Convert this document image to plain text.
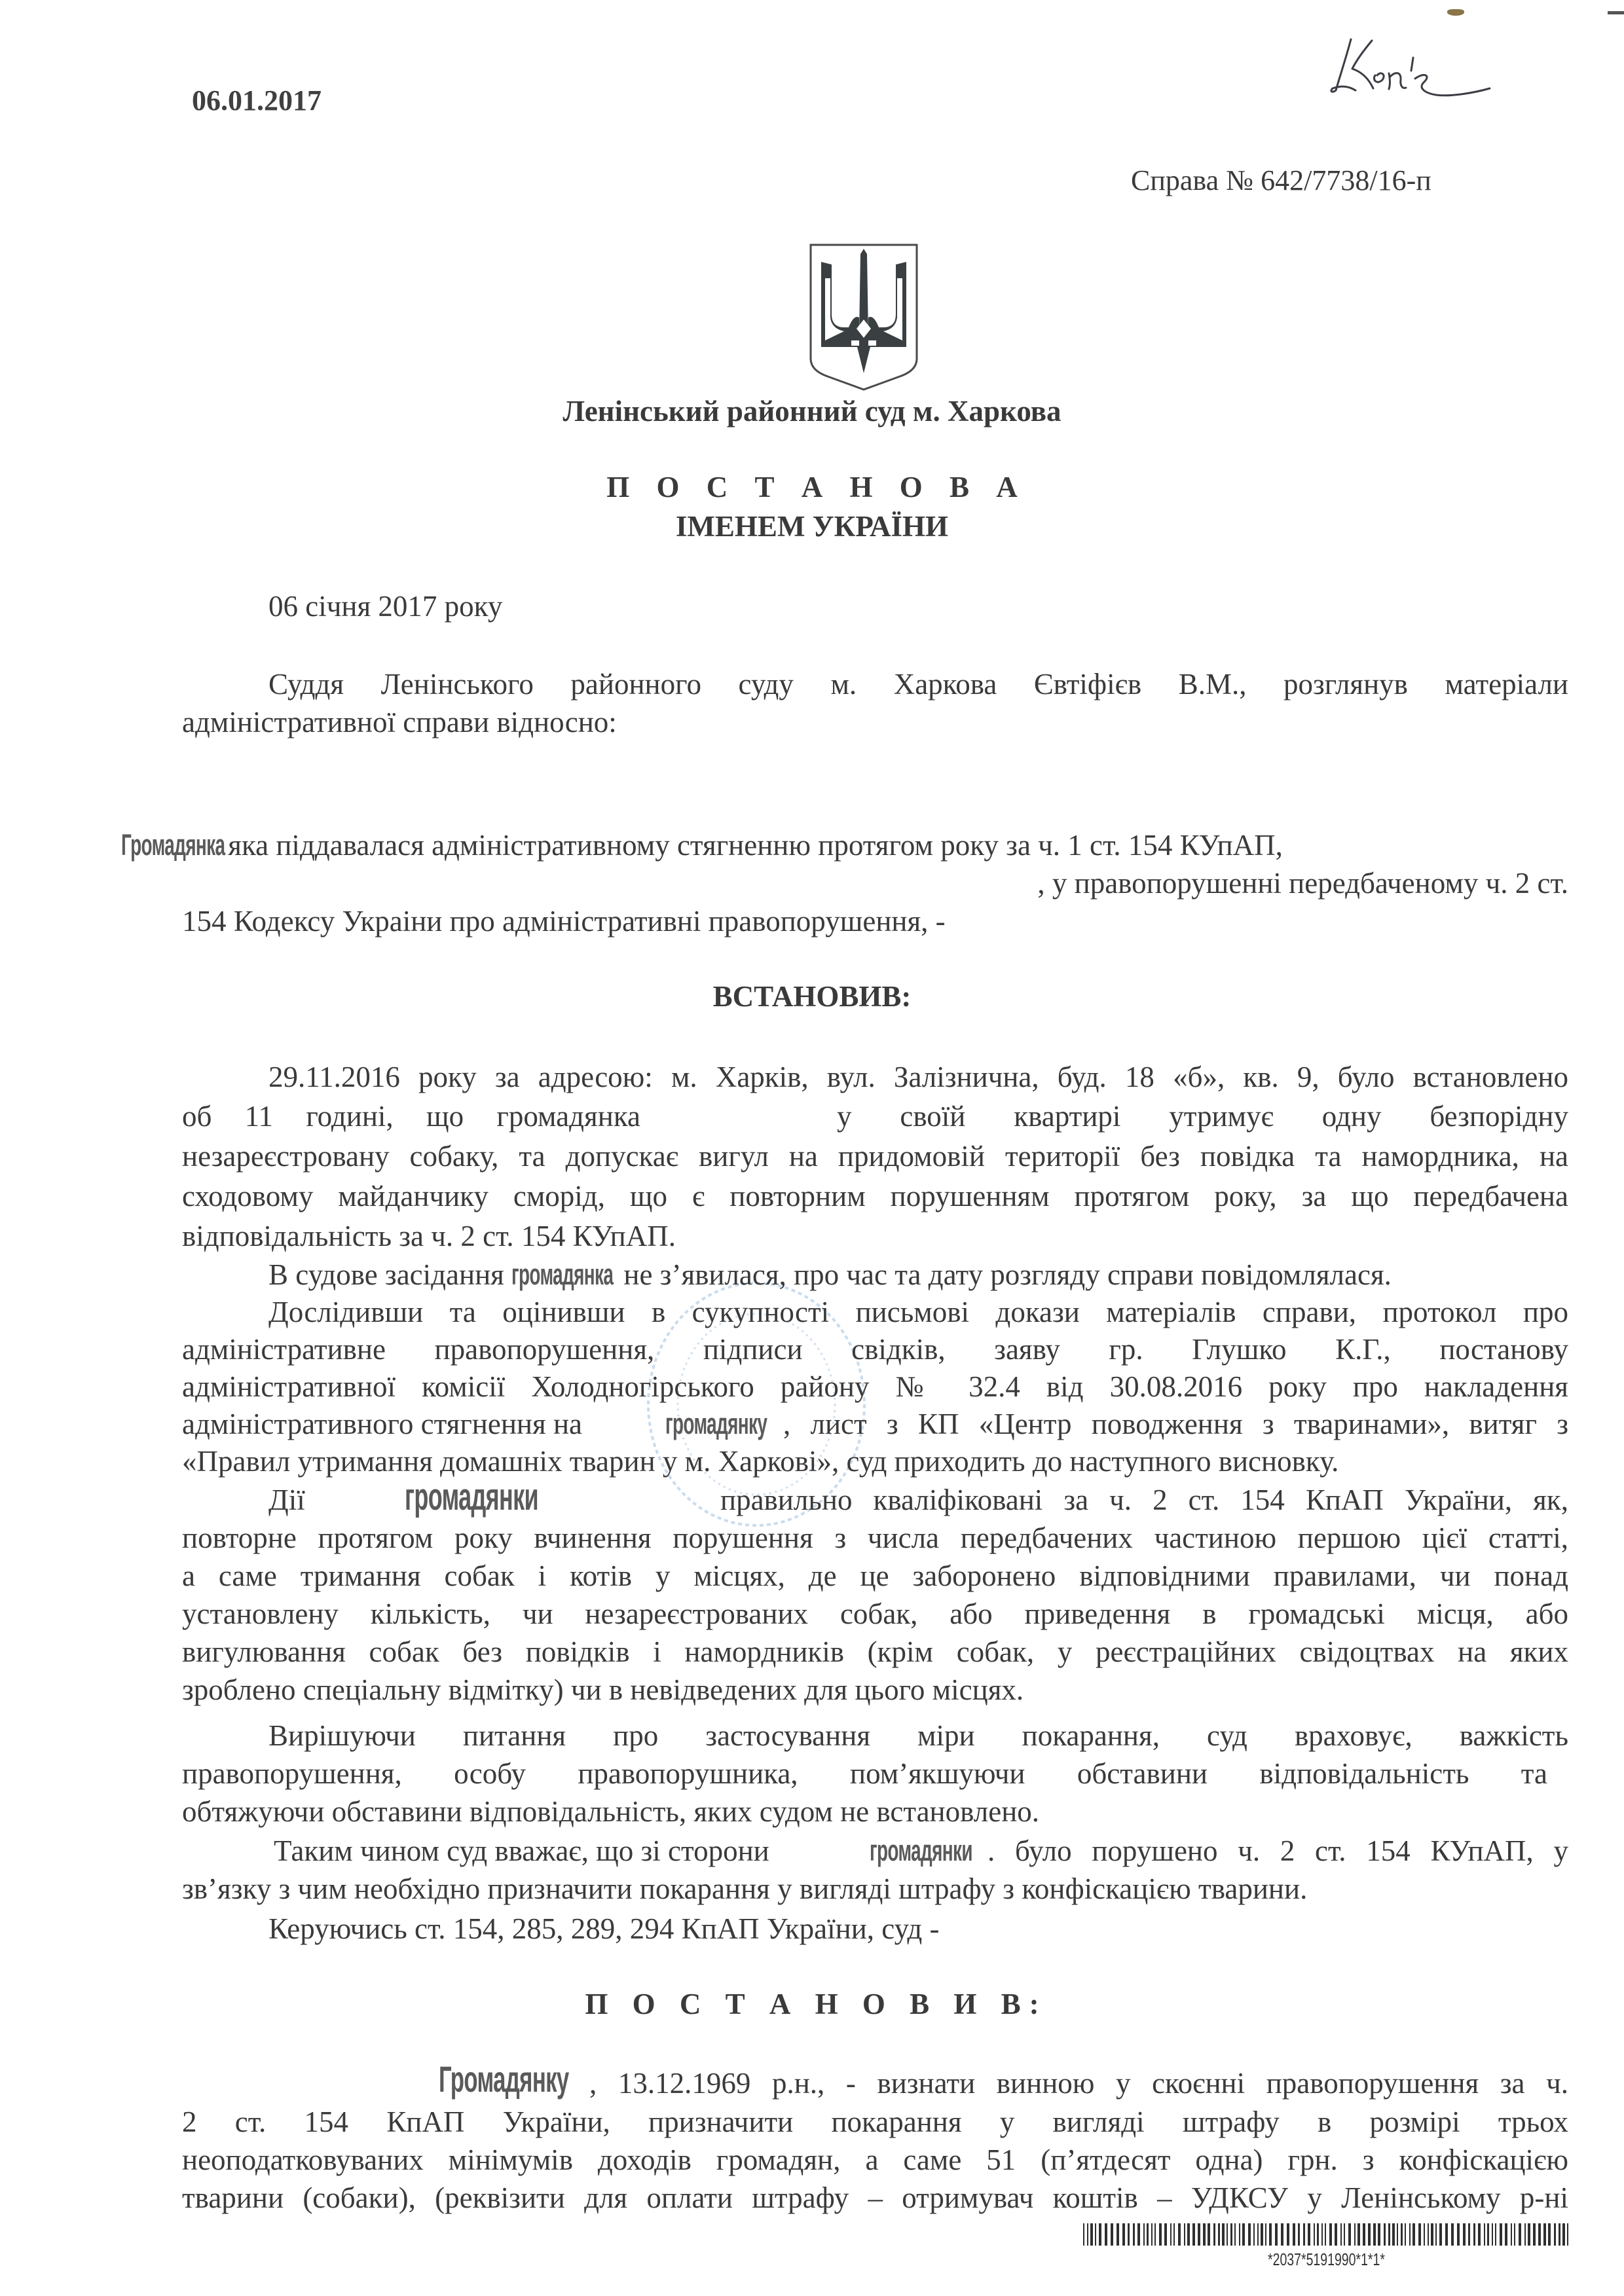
06.01.2017
Справа № 642/7738/16-п
Ленінський районний суд м. Харкова
П О С Т А Н О В А
ІМЕНЕМ УКРАЇНИ
06 січня 2017 року
Суддя Ленінського районного суду м. Харкова Євтіфієв В.М., розглянув матеріали
адміністративної справи відносно:
Громадянка яка піддавалася адміністративному стягненню протягом року за ч. 1 ст. 154 КУпАП,
, у правопорушенні передбаченому ч. 2 ст.
154 Кодексу Украіни про адміністративні правопорушення, -
ВСТАНОВИВ:
29.11.2016 року за адресою: м. Харків, вул. Залізнична, буд. 18 «б», кв. 9, було встановлено
об 11 годині, що громадянка	у своїй квартирі утримує одну безпорідну
незареєстровану собаку, та допускає вигул на придомовій території без повідка та намордника, на
сходовому майданчику сморід, що є повторним порушенням протягом року, за що передбачена
відповідальність за ч. 2 ст. 154 КУпАП.
В судове засідання громадянка не з’явилася, про час та дату розгляду справи повідомлялася.
Дослідивши та оцінивши в сукупності письмові докази матеріалів справи, протокол про
адміністративне правопорушення, підписи свідків, заяву гр. Глушко К.Г., постанову
адміністративної комісії Холодногірського району № 32.4 від 30.08.2016 року про накладення
адміністративного стягнення на	громадянку , лист з КП «Центр поводження з тваринами», витяг з
«Правил утримання домашніх тварин у м. Харкові», суд приходить до наступного висновку.
Дії	громадянки	правильно кваліфіковані за ч. 2 ст. 154 КпАП України, як,
повторне протягом року вчинення порушення з числа передбачених частиною першою цієї статті,
а саме тримання собак і котів у місцях, де це заборонено відповідними правилами, чи понад
установлену кількість, чи незареєстрованих собак, або приведення в громадські місця, або
вигулювання собак без повідків і намордників (крім собак, у реєстраційних свідоцтвах на яких
зроблено спеціальну відмітку) чи в невідведених для цього місцях.
Вирішуючи питання про застосування міри покарання, суд враховує, важкість
правопорушення, особу правопорушника, пом’якшуючи обставини відповідальність та
обтяжуючи обставини відповідальність, яких судом не встановлено.
Таким чином суд вважає, що зі сторони	громадянки . було порушено ч. 2 ст. 154 КУпАП, у
зв’язку з чим необхідно призначити покарання у вигляді штрафу з конфіскацією тварини.
Керуючись ст. 154, 285, 289, 294 КпАП України, суд -
П О С Т А Н О В И В:
Громадянку , 13.12.1969 р.н., - визнати винною у скоєнні правопорушення за ч.
2 ст. 154 КпАП України, призначити покарання у вигляді штрафу в розмірі трьох
неоподатковуваних мінімумів доходів громадян, а саме 51 (п’ятдесят одна) грн. з конфіскацією
тварини (собаки), (реквізити для оплати штрафу – отримувач коштів – УДКСУ у Ленінському р-ні
*2037*5191990*1*1*
